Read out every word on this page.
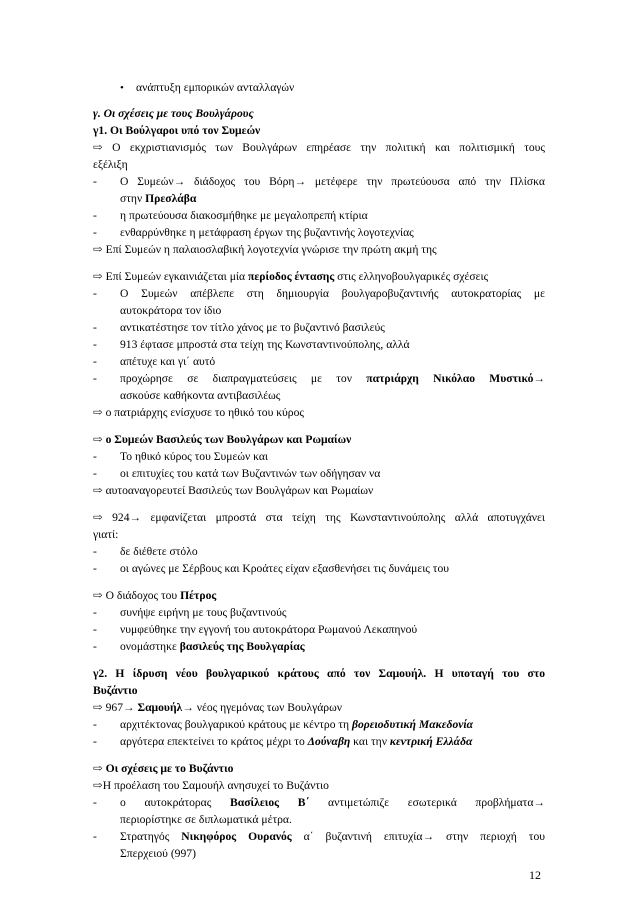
• ανάπτυξη εμπορικών ανταλλαγών
γ. Οι σχέσεις με τους Βουλγάρους
γ1. Οι Βούλγαροι υπό τον Συμεών
⇨ Ο εκχριστιανισμός των Βουλγάρων επηρέασε την πολιτική και πολιτισμική τους
εξέλιξη
- Ο Συμεών→ διάδοχος του Βόρη→ μετέφερε την πρωτεύουσα από την Πλίσκα
στην Πρεσλάβα
- η πρωτεύουσα διακοσμήθηκε με μεγαλοπρεπή κτίρια
- ενθαρρύνθηκε η μετάφραση έργων της βυζαντινής λογοτεχνίας
⇨ Επί Συμεών η παλαιοσλαβική λογοτεχνία γνώρισε την πρώτη ακμή της
⇨ Επί Συμεών εγκαινιάζεται μία περίοδος έντασης στις ελληνοβουλγαρικές σχέσεις
- Ο Συμεών απέβλεπε στη δημιουργία βουλγαροβυζαντινής αυτοκρατορίας με
αυτοκράτορα τον ίδιο
- αντικατέστησε τον τίτλο χάνος με το βυζαντινό βασιλεύς
- 913 έφτασε μπροστά στα τείχη της Κωνσταντινούπολης, αλλά
- απέτυχε και γι΄ αυτό
- προχώρησε σε διαπραγματεύσεις με τον πατριάρχη Νικόλαο Μυστικό→
ασκούσε καθήκοντα αντιβασιλέως
⇨ ο πατριάρχης ενίσχυσε το ηθικό του κύρος
⇨ ο Συμεών Βασιλεύς των Βουλγάρων και Ρωμαίων
- Το ηθικό κύρος του Συμεών και
- οι επιτυχίες του κατά των Βυζαντινών των οδήγησαν να
⇨ αυτοαναγορευτεί Βασιλεύς των Βουλγάρων και Ρωμαίων
⇨ 924→ εμφανίζεται μπροστά στα τείχη της Κωνσταντινούπολης αλλά αποτυγχάνει
γιατί:
- δε διέθετε στόλο
- οι αγώνες με Σέρβους και Κροάτες είχαν εξασθενήσει τις δυνάμεις του
⇨ Ο διάδοχος του Πέτρος
- συνήψε ειρήνη με τους βυζαντινούς
- νυμφεύθηκε την εγγονή του αυτοκράτορα Ρωμανού Λεκαπηνού
- ονομάστηκε βασιλεύς της Βουλγαρίας
γ2. Η ίδρυση νέου βουλγαρικού κράτους από τον Σαμουήλ. Η υποταγή του στο
Βυζάντιο
⇨ 967→ Σαμουήλ→ νέος ηγεμόνας των Βουλγάρων
- αρχιτέκτονας βουλγαρικού κράτους με κέντρο τη βορειοδυτική Μακεδονία
- αργότερα επεκτείνει το κράτος μέχρι το Δούναβη και την κεντρική Ελλάδα
⇨ Οι σχέσεις με το Βυζάντιο
⇨Η προέλαση του Σαμουήλ ανησυχεί το Βυζάντιο
- ο αυτοκράτορας Βασίλειος Β΄ αντιμετώπιζε εσωτερικά προβλήματα→
περιορίστηκε σε διπλωματικά μέτρα.
- Στρατηγός Νικηφόρος Ουρανός α΄ βυζαντινή επιτυχία→ στην περιοχή του
Σπερχειού (997)
12
